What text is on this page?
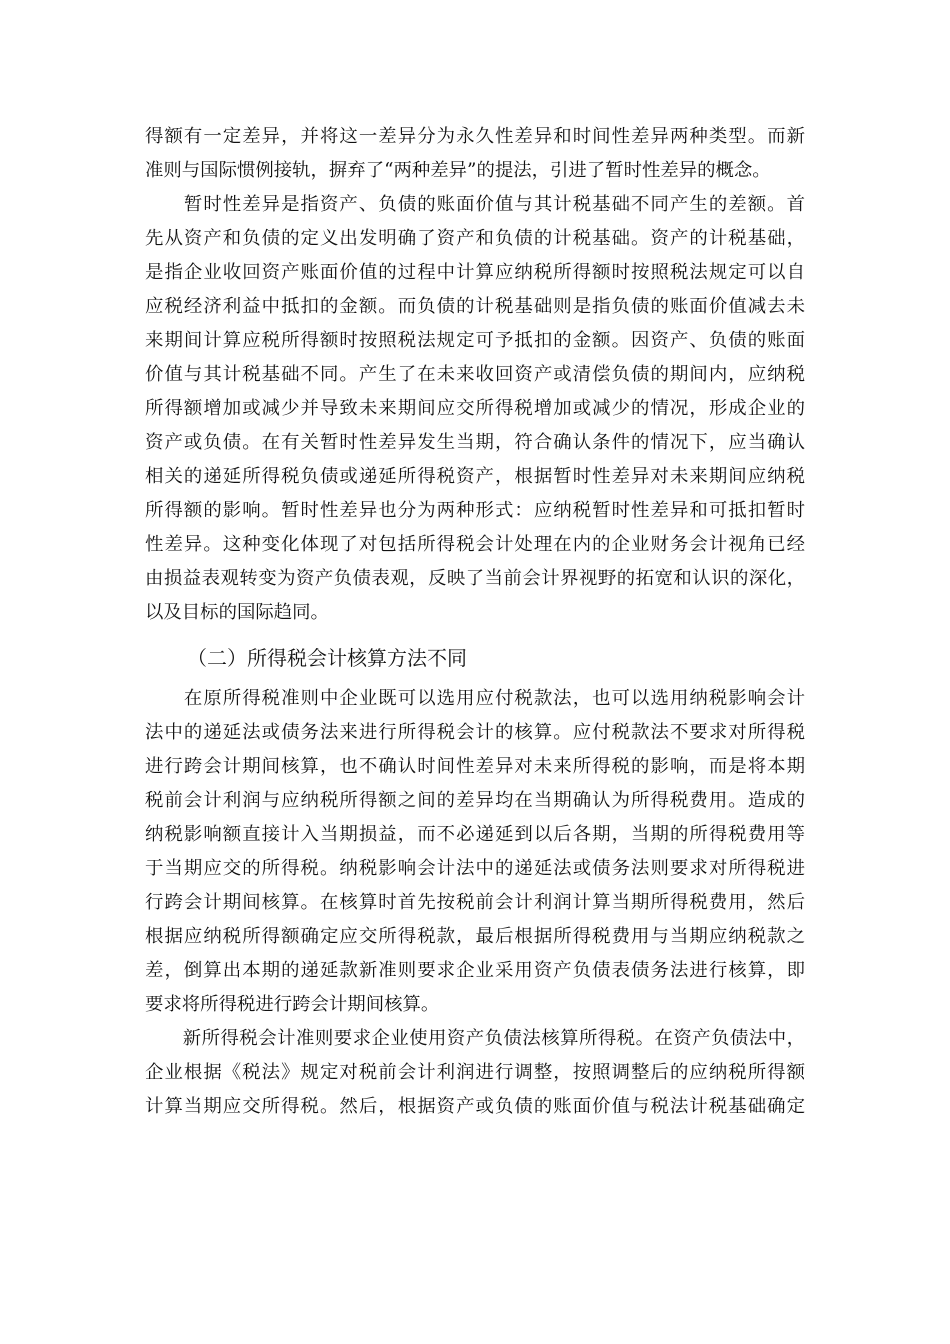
得额有一定差异，并将这一差异分为永久性差异和时间性差异两种类型。而新
准则与国际惯例接轨，摒弃了“两种差异”的提法，引进了暂时性差异的概念。
　　暂时性差异是指资产、负债的账面价值与其计税基础不同产生的差额。首
先从资产和负债的定义出发明确了资产和负债的计税基础。资产的计税基础，
是指企业收回资产账面价值的过程中计算应纳税所得额时按照税法规定可以自
应税经济利益中抵扣的金额。而负债的计税基础则是指负债的账面价值减去未
来期间计算应税所得额时按照税法规定可予抵扣的金额。因资产、负债的账面
价值与其计税基础不同。产生了在未来收回资产或清偿负债的期间内，应纳税
所得额增加或减少并导致未来期间应交所得税增加或减少的情况，形成企业的
资产或负债。在有关暂时性差异发生当期，符合确认条件的情况下，应当确认
相关的递延所得税负债或递延所得税资产，根据暂时性差异对未来期间应纳税
所得额的影响。暂时性差异也分为两种形式：应纳税暂时性差异和可抵扣暂时
性差异。这种变化体现了对包括所得税会计处理在内的企业财务会计视角已经
由损益表观转变为资产负债表观，反映了当前会计界视野的拓宽和认识的深化，
以及目标的国际趋同。
（二）所得税会计核算方法不同
　　在原所得税准则中企业既可以选用应付税款法，也可以选用纳税影响会计
法中的递延法或债务法来进行所得税会计的核算。应付税款法不要求对所得税
进行跨会计期间核算，也不确认时间性差异对未来所得税的影响，而是将本期
税前会计利润与应纳税所得额之间的差异均在当期确认为所得税费用。造成的
纳税影响额直接计入当期损益，而不必递延到以后各期，当期的所得税费用等
于当期应交的所得税。纳税影响会计法中的递延法或债务法则要求对所得税进
行跨会计期间核算。在核算时首先按税前会计利润计算当期所得税费用，然后
根据应纳税所得额确定应交所得税款，最后根据所得税费用与当期应纳税款之
差，倒算出本期的递延款新准则要求企业采用资产负债表债务法进行核算，即
要求将所得税进行跨会计期间核算。
　　新所得税会计准则要求企业使用资产负债法核算所得税。在资产负债法中，
企业根据《税法》规定对税前会计利润进行调整，按照调整后的应纳税所得额
计算当期应交所得税。然后，根据资产或负债的账面价值与税法计税基础确定
